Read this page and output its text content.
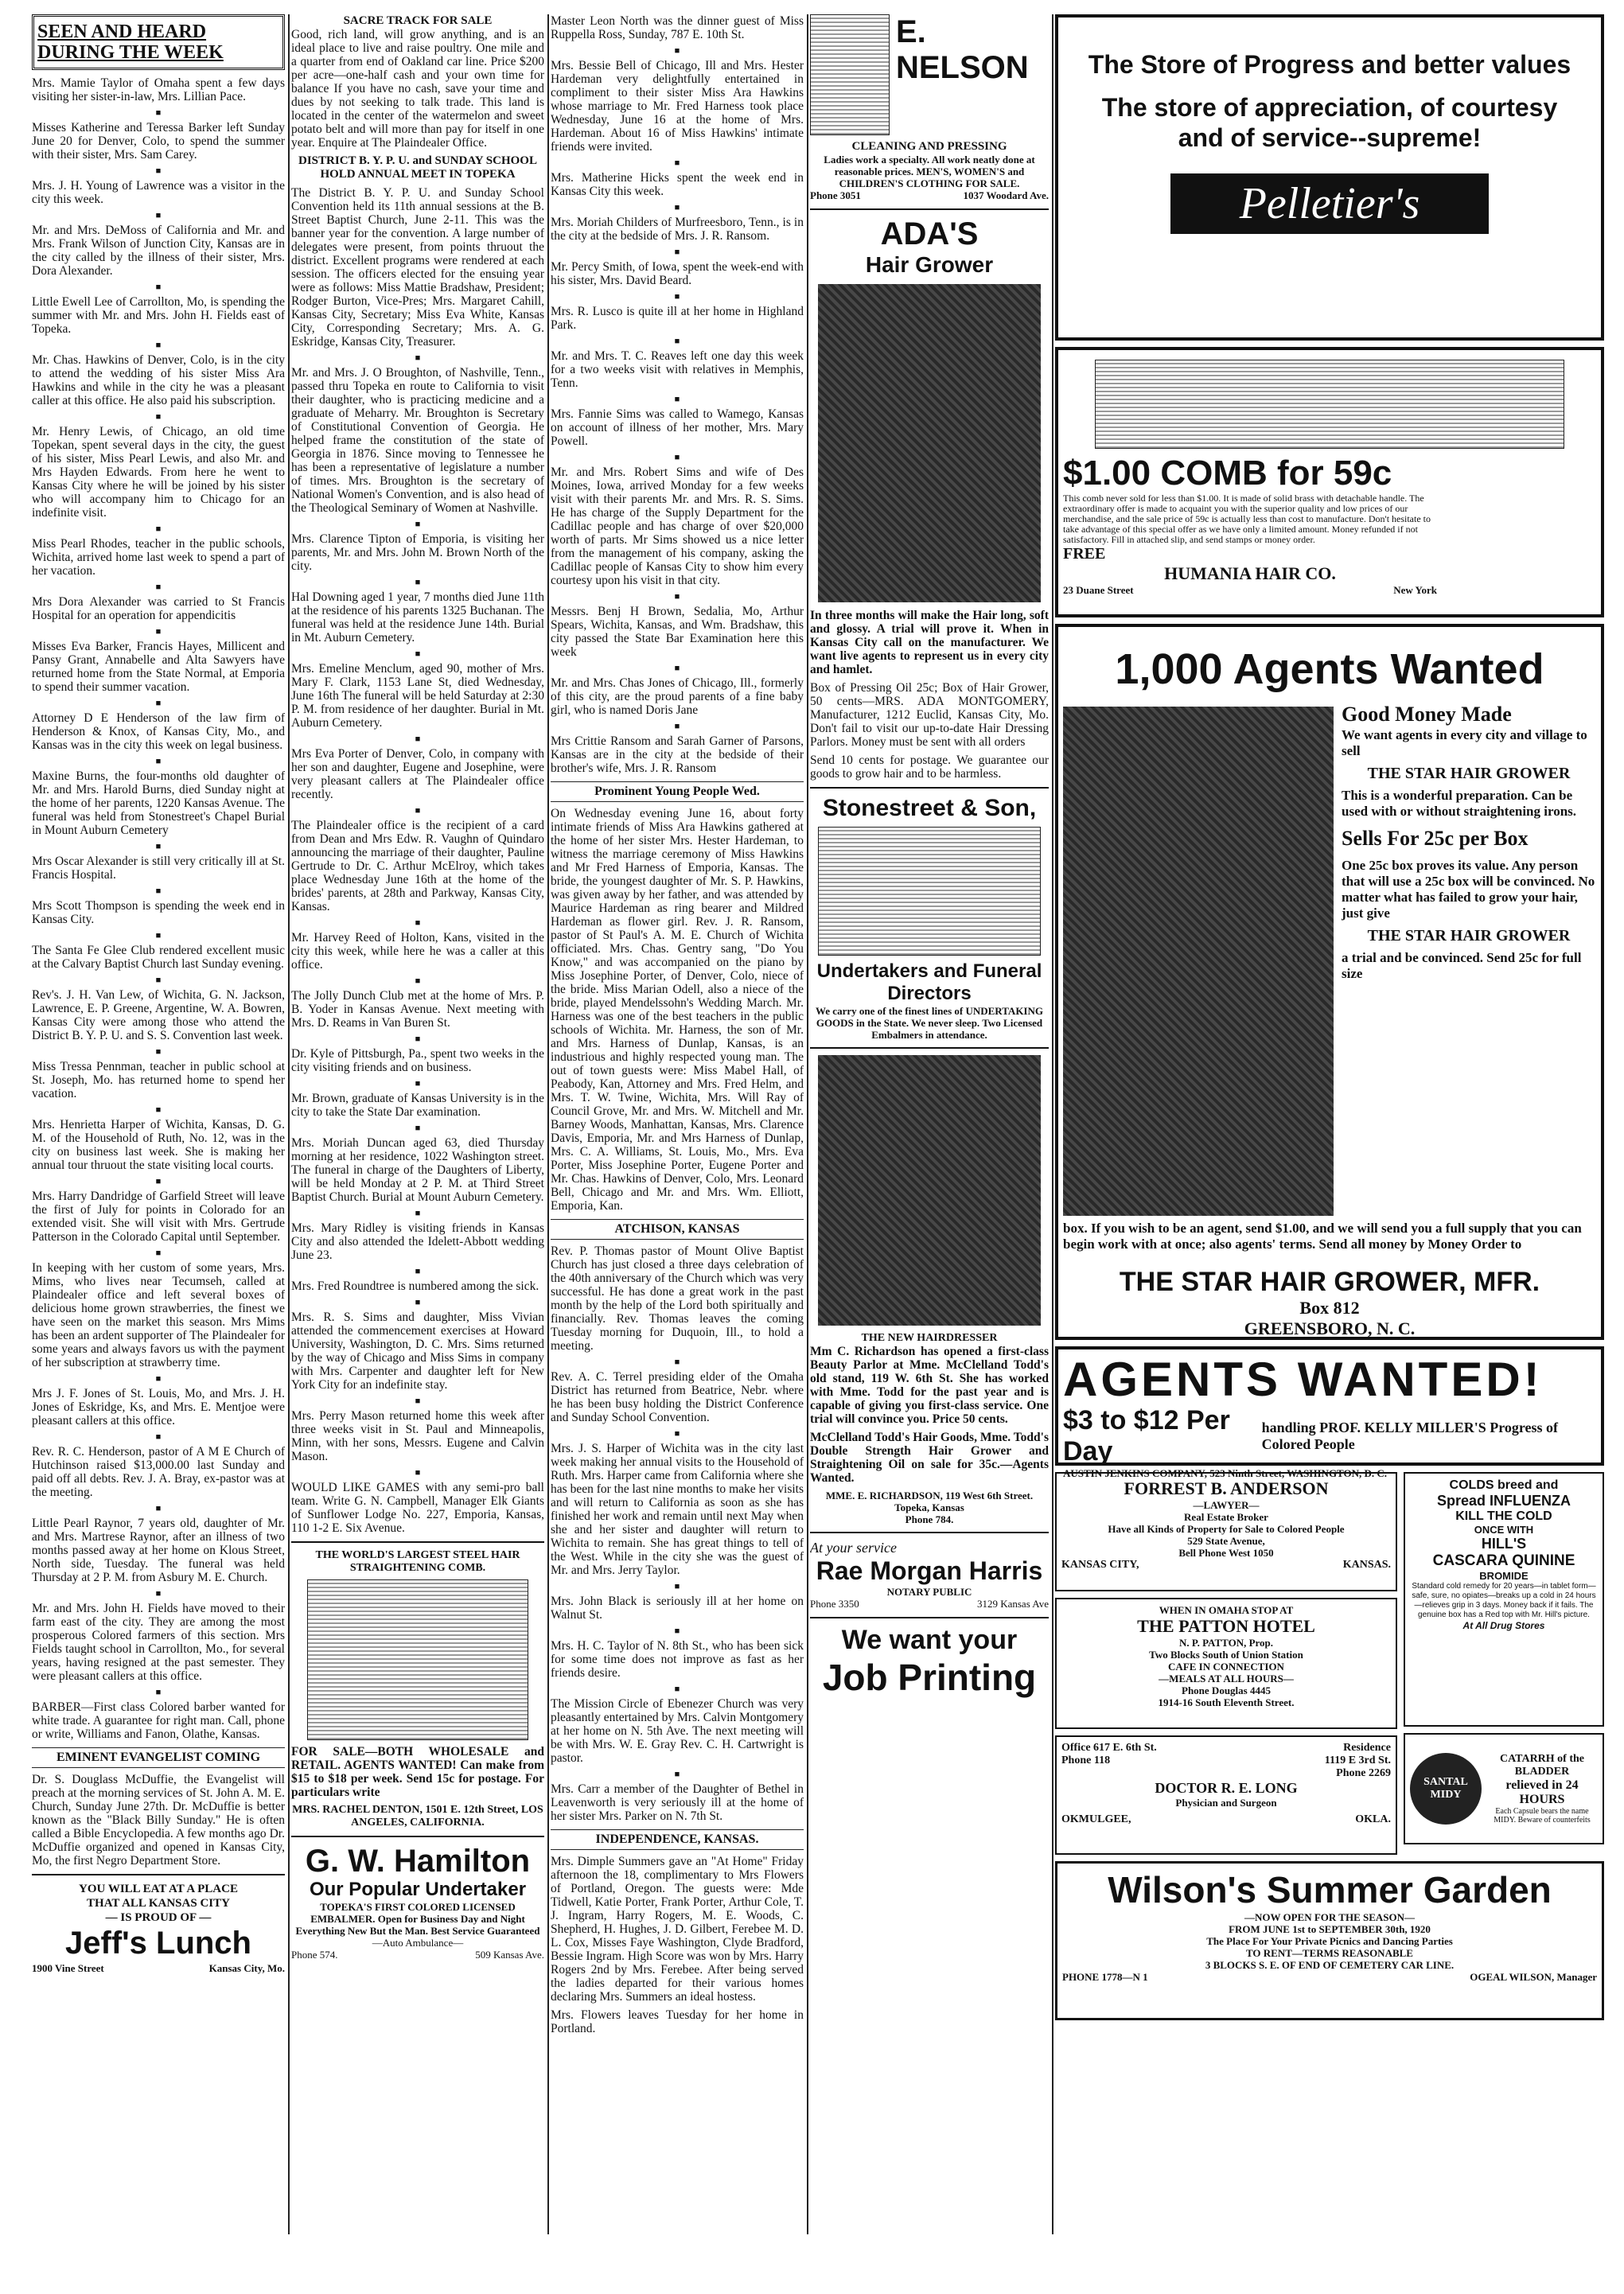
SEEN AND HEARD DURING THE WEEK

Mrs. Mamie Taylor of Omaha spent a few days visiting her sister-in-law, Mrs. Lillian Pace.

■

Misses Katherine and Teressa Barker left Sunday June 20 for Denver, Colo, to spend the summer with their sister, Mrs. Sam Carey.

■

Mrs. J. H. Young of Lawrence was a visitor in the city this week.

■

Mr. and Mrs. DeMoss of California and Mr. and Mrs. Frank Wilson of Junction City, Kansas are in the city called by the illness of their sister, Mrs. Dora Alexander.

■

Little Ewell Lee of Carrollton, Mo, is spending the summer with Mr. and Mrs. John H. Fields east of Topeka.

■

Mr. Chas. Hawkins of Denver, Colo, is in the city to attend the wedding of his sister Miss Ara Hawkins and while in the city he was a pleasant caller at this office. He also paid his subscription.

■

Mr. Henry Lewis, of Chicago, an old time Topekan, spent several days in the city, the guest of his sister, Miss Pearl Lewis, and also Mr. and Mrs Hayden Edwards. From here he went to Kansas City where he will be joined by his sister who will accompany him to Chicago for an indefinite visit.

■

Miss Pearl Rhodes, teacher in the public schools, Wichita, arrived home last week to spend a part of her vacation.

■

Mrs Dora Alexander was carried to St Francis Hospital for an operation for appendicitis

■

Misses Eva Barker, Francis Hayes, Millicent and Pansy Grant, Annabelle and Alta Sawyers have returned home from the State Normal, at Emporia to spend their summer vacation.

■

Attorney D E Henderson of the law firm of Henderson & Knox, of Kansas City, Mo., and Kansas was in the city this week on legal business.

■

Maxine Burns, the four-months old daughter of Mr. and Mrs. Harold Burns, died Sunday night at the home of her parents, 1220 Kansas Avenue. The funeral was held from Stonestreet's Chapel Burial in Mount Auburn Cemetery

■

Mrs Oscar Alexander is still very critically ill at St. Francis Hospital.

■

Mrs Scott Thompson is spending the week end in Kansas City.

■

The Santa Fe Glee Club rendered excellent music at the Calvary Baptist Church last Sunday evening.

■

Rev's. J. H. Van Lew, of Wichita, G. N. Jackson, Lawrence, E. P. Greene, Argentine, W. A. Bowren, Kansas City were among those who attend the District B. Y. P. U. and S. S. Convention last week.

■

Miss Tressa Pennman, teacher in public school at St. Joseph, Mo. has returned home to spend her vacation.

■

Mrs. Henrietta Harper of Wichita, Kansas, D. G. M. of the Household of Ruth, No. 12, was in the city on business last week. She is making her annual tour thruout the state visiting local courts.

■

Mrs. Harry Dandridge of Garfield Street will leave the first of July for points in Colorado for an extended visit. She will visit with Mrs. Gertrude Patterson in the Colorado Capital until September.

■

In keeping with her custom of some years, Mrs. Mims, who lives near Tecumseh, called at Plaindealer office and left several boxes of delicious home grown strawberries, the finest we have seen on the market this season. Mrs Mims has been an ardent supporter of The Plaindealer for some years and always favors us with the payment of her subscription at strawberry time.

■

Mrs J. F. Jones of St. Louis, Mo, and Mrs. J. H. Jones of Eskridge, Ks, and Mrs. E. Mentjoe were pleasant callers at this office.

■

Rev. R. C. Henderson, pastor of A M E Church of Hutchinson raised $13,000.00 last Sunday and paid off all debts. Rev. J. A. Bray, ex-pastor was at the meeting.

■

Little Pearl Raynor, 7 years old, daughter of Mr. and Mrs. Martrese Raynor, after an illness of two months passed away at her home on Klous Street, North side, Tuesday. The funeral was held Thursday at 2 P. M. from Asbury M. E. Church.

■

Mr. and Mrs. John H. Fields have moved to their farm east of the city. They are among the most prosperous Colored farmers of this section. Mrs Fields taught school in Carrollton, Mo., for several years, having resigned at the past semester. They were pleasant callers at this office.

■

BARBER—First class Colored barber wanted for white trade. A guarantee for right man. Call, phone or write, Williams and Fanon, Olathe, Kansas.

EMINENT EVANGELIST COMING

Dr. S. Douglass McDuffie, the Evangelist will preach at the morning services of St. John A. M. E. Church, Sunday June 27th. Dr. McDuffie is better known as the "Black Billy Sunday." He is often called a Bible Encyclopedia. A few months ago Dr. McDuffie organized and opened in Kansas City, Mo, the first Negro Department Store.

YOU WILL EAT AT A PLACE
THAT ALL KANSAS CITY
— IS PROUD OF —
Jeff's Lunch
1900 Vine Street	Kansas City, Mo.
SACRE TRACK FOR SALE

Good, rich land, will grow anything, and is an ideal place to live and raise poultry. One mile and a quarter from end of Oakland car line. Price $200 per acre—one-half cash and your own time for balance If you have no cash, save your time and dues by not seeking to talk trade. This land is located in the center of the watermelon and sweet potato belt and will more than pay for itself in one year. Enquire at The Plaindealer Office.

DISTRICT B. Y. P. U. and SUNDAY SCHOOL HOLD ANNUAL MEET IN TOPEKA

The District B. Y. P. U. and Sunday School Convention held its 11th annual sessions at the B. Street Baptist Church, June 2-11. This was the banner year for the convention. A large number of delegates were present, from points thruout the district. Excellent programs were rendered at each session. The officers elected for the ensuing year were as follows: Miss Mattie Bradshaw, President; Rodger Burton, Vice-Pres; Mrs. Margaret Cahill, Kansas City, Secretary; Miss Eva White, Kansas City, Corresponding Secretary; Mrs. A. G. Eskridge, Kansas City, Treasurer.

■

Mr. and Mrs. J. O Broughton, of Nashville, Tenn., passed thru Topeka en route to California to visit their daughter, who is practicing medicine and a graduate of Meharry. Mr. Broughton is Secretary of Constitutional Convention of Georgia. He helped frame the constitution of the state of Georgia in 1876. Since moving to Tennessee he has been a representative of legislature a number of times. Mrs. Broughton is the secretary of National Women's Convention, and is also head of the Theological Seminary of Women at Nashville.

■

Mrs. Clarence Tipton of Emporia, is visiting her parents, Mr. and Mrs. John M. Brown North of the city.

■

Hal Downing aged 1 year, 7 months died June 11th at the residence of his parents 1325 Buchanan. The funeral was held at the residence June 14th. Burial in Mt. Auburn Cemetery.

■

Mrs. Emeline Menclum, aged 90, mother of Mrs. Mary F. Clark, 1153 Lane St, died Wednesday, June 16th The funeral will be held Saturday at 2:30 P. M. from residence of her daughter. Burial in Mt. Auburn Cemetery.

■

Mrs Eva Porter of Denver, Colo, in company with her son and daughter, Eugene and Josephine, were very pleasant callers at The Plaindealer office recently.

■

The Plaindealer office is the recipient of a card from Dean and Mrs Edw. R. Vaughn of Quindaro announcing the marriage of their daughter, Pauline Gertrude to Dr. C. Arthur McElroy, which takes place Wednesday June 16th at the home of the brides' parents, at 28th and Parkway, Kansas City, Kansas.

■

Mr. Harvey Reed of Holton, Kans, visited in the city this week, while here he was a caller at this office.

■

The Jolly Dunch Club met at the home of Mrs. P. B. Yoder in Kansas Avenue. Next meeting with Mrs. D. Reams in Van Buren St.

■

Dr. Kyle of Pittsburgh, Pa., spent two weeks in the city visiting friends and on business.

■

Mr. Brown, graduate of Kansas University is in the city to take the State Dar examination.

■

Mrs. Moriah Duncan aged 63, died Thursday morning at her residence, 1022 Washington street. The funeral in charge of the Daughters of Liberty, will be held Monday at 2 P. M. at Third Street Baptist Church. Burial at Mount Auburn Cemetery.

■

Mrs. Mary Ridley is visiting friends in Kansas City and also attended the Idelett-Abbott wedding June 23.

■

Mrs. Fred Roundtree is numbered among the sick.

■

Mrs. R. S. Sims and daughter, Miss Vivian attended the commencement exercises at Howard University, Washington, D. C. Mrs. Sims returned by the way of Chicago and Miss Sims in company with Mrs. Carpenter and daughter left for New York City for an indefinite stay.

■

Mrs. Perry Mason returned home this week after three weeks visit in St. Paul and Minneapolis, Minn, with her sons, Messrs. Eugene and Calvin Mason.

■

WOULD LIKE GAMES with any semi-pro ball team. Write G. N. Campbell, Manager Elk Giants of Sunflower Lodge No. 227, Emporia, Kansas, 110 1-2 E. Six Avenue.

THE WORLD'S LARGEST STEEL HAIR STRAIGHTENING COMB.

FOR SALE—BOTH WHOLESALE and RETAIL. AGENTS WANTED! Can make from $15 to $18 per week. Send 15c for postage. For particulars write

MRS. RACHEL DENTON, 1501 E. 12th Street, LOS ANGELES, CALIFORNIA.
G. W. Hamilton
Our Popular Undertaker
TOPEKA'S FIRST COLORED LICENSED EMBALMER. Open for Business Day and Night Everything New But the Man. Best Service Guaranteed
—Auto Ambulance—
Phone 574.	509 Kansas Ave.

Master Leon North was the dinner guest of Miss Ruppella Ross, Sunday, 787 E. 10th St.

■

Mrs. Bessie Bell of Chicago, Ill and Mrs. Hester Hardeman very delightfully entertained in compliment to their sister Miss Ara Hawkins whose marriage to Mr. Fred Harness took place Wednesday, June 16 at the home of Mrs. Hardeman. About 16 of Miss Hawkins' intimate friends were invited.

■

Mrs. Matherine Hicks spent the week end in Kansas City this week.

■

Mrs. Moriah Childers of Murfreesboro, Tenn., is in the city at the bedside of Mrs. J. R. Ransom.

■

Mr. Percy Smith, of Iowa, spent the week-end with his sister, Mrs. David Beard.

■

Mrs. R. Lusco is quite ill at her home in Highland Park.

■

Mr. and Mrs. T. C. Reaves left one day this week for a two weeks visit with relatives in Memphis, Tenn.

■

Mrs. Fannie Sims was called to Wamego, Kansas on account of illness of her mother, Mrs. Mary Powell.

■

Mr. and Mrs. Robert Sims and wife of Des Moines, Iowa, arrived Monday for a few weeks visit with their parents Mr. and Mrs. R. S. Sims. He has charge of the Supply Department for the Cadillac people and has charge of over $20,000 worth of parts. Mr Sims showed us a nice letter from the management of his company, asking the Cadillac people of Kansas City to show him every courtesy upon his visit in that city.

■

Messrs. Benj H Brown, Sedalia, Mo, Arthur Spears, Wichita, Kansas, and Wm. Bradshaw, this city passed the State Bar Examination here this week

■

Mr. and Mrs. Chas Jones of Chicago, Ill., formerly of this city, are the proud parents of a fine baby girl, who is named Doris Jane

■

Mrs Crittie Ransom and Sarah Garner of Parsons, Kansas are in the city at the bedside of their brother's wife, Mrs. J. R. Ransom

Prominent Young People Wed.

On Wednesday evening June 16, about forty intimate friends of Miss Ara Hawkins gathered at the home of her sister Mrs. Hester Hardeman, to witness the marriage ceremony of Miss Hawkins and Mr Fred Harness of Emporia, Kansas. The bride, the youngest daughter of Mr. S. P. Hawkins, was given away by her father, and was attended by Maurice Hardeman as ring bearer and Mildred Hardeman as flower girl. Rev. J. R. Ransom, pastor of St Paul's A. M. E. Church of Wichita officiated. Mrs. Chas. Gentry sang, "Do You Know," and was accompanied on the piano by Miss Josephine Porter, of Denver, Colo, niece of the bride. Miss Marian Odell, also a niece of the bride, played Mendelssohn's Wedding March. Mr. Harness was one of the best teachers in the public schools of Wichita. Mr. Harness, the son of Mr. and Mrs. Harness of Dunlap, Kansas, is an industrious and highly respected young man. The out of town guests were: Miss Mabel Hall, of Peabody, Kan, Attorney and Mrs. Fred Helm, and Mrs. T. W. Twine, Wichita, Mrs. Will Ray of Council Grove, Mr. and Mrs. W. Mitchell and Mr. Barney Woods, Manhattan, Kansas, Mrs. Clarence Davis, Emporia, Mr. and Mrs Harness of Dunlap, Mrs. C. A. Williams, St. Louis, Mo., Mrs. Eva Porter, Miss Josephine Porter, Eugene Porter and Mr. Chas. Hawkins of Denver, Colo, Mrs. Leonard Bell, Chicago and Mr. and Mrs. Wm. Elliott, Emporia, Kan.

ATCHISON, KANSAS

Rev. P. Thomas pastor of Mount Olive Baptist Church has just closed a three days celebration of the 40th anniversary of the Church which was very successful. He has done a great work in the past month by the help of the Lord both spiritually and financially. Rev. Thomas leaves the coming Tuesday morning for Duquoin, Ill., to hold a meeting.

■

Rev. A. C. Terrel presiding elder of the Omaha District has returned from Beatrice, Nebr. where he has been busy holding the District Conference and Sunday School Convention.

■

Mrs. J. S. Harper of Wichita was in the city last week making her annual visits to the Household of Ruth. Mrs. Harper came from California where she has been for the last nine months to make her visits and will return to California as soon as she has finished her work and remain until next May when she and her sister and daughter will return to Wichita to remain. She has great things to tell of the West. While in the city she was the guest of Mr. and Mrs. Jerry Taylor.

■

Mrs. John Black is seriously ill at her home on Walnut St.

■

Mrs. H. C. Taylor of N. 8th St., who has been sick for some time does not improve as fast as her friends desire.

■

The Mission Circle of Ebenezer Church was very pleasantly entertained by Mrs. Calvin Montgomery at her home on N. 5th Ave. The next meeting will be with Mrs. W. E. Gray Rev. C. H. Cartwright is pastor.

■

Mrs. Carr a member of the Daughter of Bethel in Leavenworth is very seriously ill at the home of her sister Mrs. Parker on N. 7th St.

INDEPENDENCE, KANSAS.

Mrs. Dimple Summers gave an "At Home" Friday afternoon the 18, complimentary to Mrs Flowers of Portland, Oregon. The guests were: Mde Tidwell, Katie Porter, Frank Porter, Arthur Cole, T. J. Ingram, Harry Rogers, M. E. Woods, C. Shepherd, H. Hughes, J. D. Gilbert, Ferebee M. D. L. Cox, Misses Faye Washington, Clyde Bradford, Bessie Ingram. High Score was won by Mrs. Harry Rogers 2nd by Mrs. Ferebee. After being served the ladies departed for their various homes declaring Mrs. Summers an ideal hostess.

Mrs. Flowers leaves Tuesday for her home in Portland.

E. NELSON
CLEANING AND PRESSING
Ladies work a specialty. All work neatly done at reasonable prices. MEN'S, WOMEN'S and CHILDREN'S CLOTHING FOR SALE.
Phone 3051	1037 Woodard Ave.
ADA'S
Hair Grower

In three months will make the Hair long, soft and glossy. A trial will prove it. When in Kansas City call on the manufacturer. We want live agents to represent us in every city and hamlet.

Box of Pressing Oil 25c; Box of Hair Grower, 50 cents—MRS. ADA MONTGOMERY, Manufacturer, 1212 Euclid, Kansas City, Mo. Don't fail to visit our up-to-date Hair Dressing Parlors. Money must be sent with all orders

Send 10 cents for postage. We guarantee our goods to grow hair and to be harmless.

Stonestreet & Son,
Undertakers and Funeral Directors
We carry one of the finest lines of UNDERTAKING GOODS in the State. We never sleep. Two Licensed Embalmers in attendance.
THE NEW HAIRDRESSER

Mm C. Richardson has opened a first-class Beauty Parlor at Mme. McClelland Todd's old stand, 119 W. 6th St. She has worked with Mme. Todd for the past year and is capable of giving you first-class service. One trial will convince you. Price 50 cents.

McClelland Todd's Hair Goods, Mme. Todd's Double Strength Hair Grower and Straightening Oil on sale for 35c.—Agents Wanted.

MME. E. RICHARDSON, 119 West 6th Street. Topeka, Kansas
Phone 784.
At your service
Rae Morgan Harris
NOTARY PUBLIC
Phone 3350	3129 Kansas Ave
We want your
Job Printing
The Store of Progress and better values
The store of appreciation, of courtesy and of service--supreme!
Pelletier's
$1.00 COMB for 59c
This comb never sold for less than $1.00. It is made of solid brass with detachable handle. The extraordinary offer is made to acquaint you with the superior quality and low prices of our merchandise, and the sale price of 59c is actually less than cost to manufacture. Don't hesitate to take advantage of this special offer as we have only a limited amount. Money refunded if not satisfactory. Fill in attached slip, and send stamps or money order.
FREE
HUMANIA HAIR CO.
23 Duane Street	New York
1,000 Agents Wanted
Good Money Made
We want agents in every city and village to sell
THE STAR HAIR GROWER
This is a wonderful preparation. Can be used with or without straightening irons.
Sells For 25c per Box
One 25c box proves its value. Any person that will use a 25c box will be convinced. No matter what has failed to grow your hair, just give
THE STAR HAIR GROWER
a trial and be convinced. Send 25c for full size
box. If you wish to be an agent, send $1.00, and we will send you a full supply that you can begin work with at once; also agents' terms. Send all money by Money Order to
THE STAR HAIR GROWER, MFR.
Box 812
GREENSBORO, N. C.
AGENTS WANTED!
$3 to $12 Per Day
handling PROF. KELLY MILLER'S Progress of Colored People
AUSTIN JENKINS COMPANY, 523 Ninth Street, WASHINGTON, D. C.
FORREST B. ANDERSON
—LAWYER—
Real Estate Broker
Have all Kinds of Property for Sale to Colored People
529 State Avenue,
Bell Phone West 1050
KANSAS CITY,	KANSAS.
WHEN IN OMAHA STOP AT
THE PATTON HOTEL
N. P. PATTON, Prop.
Two Blocks South of Union Station
CAFE IN CONNECTION
—MEALS AT ALL HOURS—
Phone Douglas 4445
1914-16 South Eleventh Street.
Office 617 E. 6th St.	Residence
Phone 118	1119 E 3rd St.
Phone 2269
DOCTOR R. E. LONG
Physician and Surgeon
OKMULGEE,	OKLA.
COLDS breed and
Spread INFLUENZA
KILL THE COLD
ONCE WITH
HILL'S
CASCARA QUININE
BROMIDE
Standard cold remedy for 20 years—in tablet form—safe, sure, no opiates—breaks up a cold in 24 hours—relieves grip in 3 days. Money back if it fails. The genuine box has a Red top with Mr. Hill's picture.
At All Drug Stores
SANTAL MIDY
CATARRH of the BLADDER
relieved in 24 HOURS
Each Capsule bears the name MIDY. Beware of counterfeits
Wilson's Summer Garden
—NOW OPEN FOR THE SEASON—
FROM JUNE 1st to SEPTEMBER 30th, 1920
The Place For Your Private Picnics and Dancing Parties
TO RENT—TERMS REASONABLE
3 BLOCKS S. E. OF END OF CEMETERY CAR LINE.
PHONE 1778—N 1	OGEAL WILSON, Manager
